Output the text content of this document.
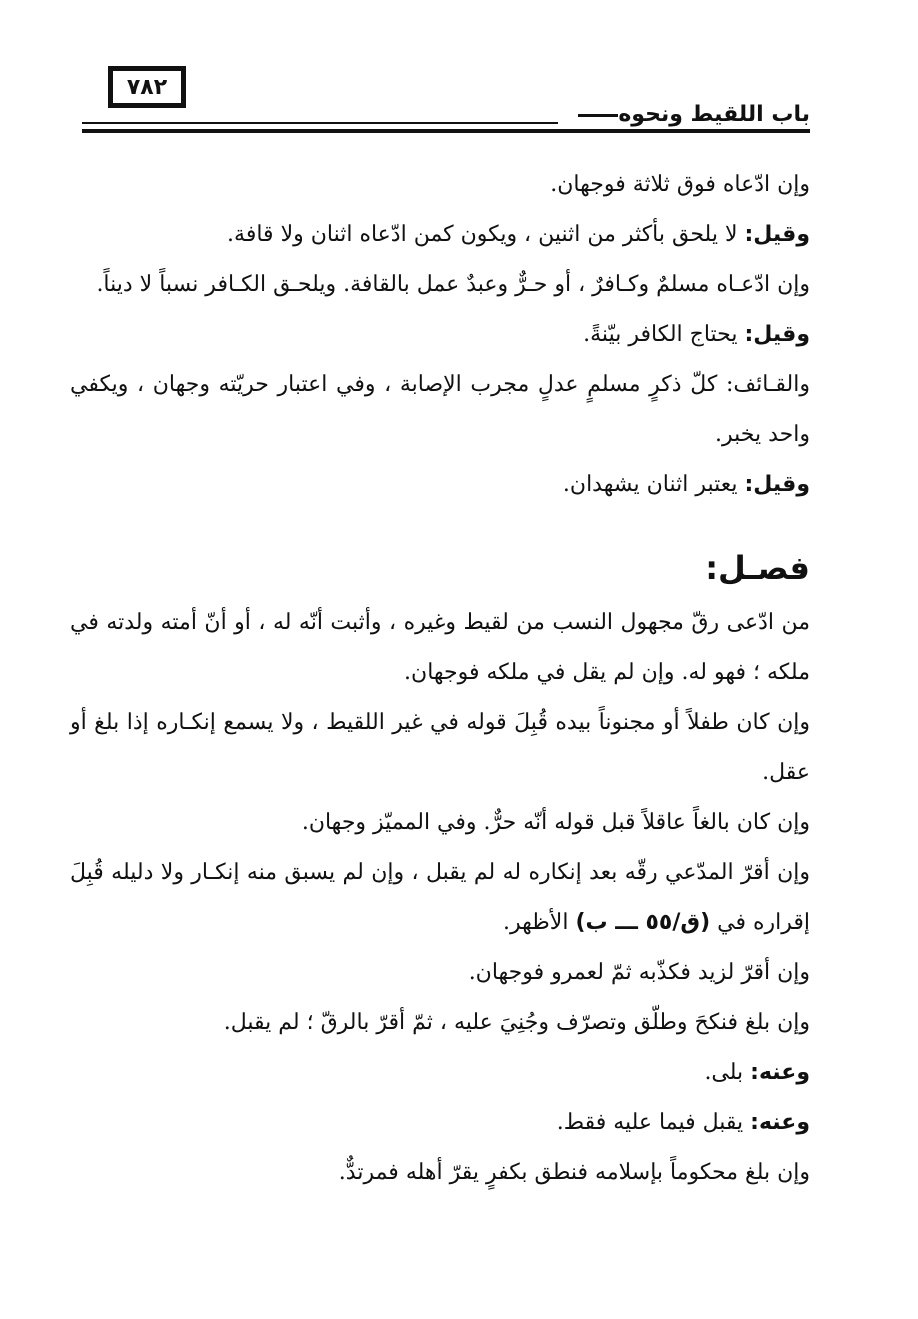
٧٨٢
باب اللقيط ونحوه

وإن ادّعاه فوق ثلاثة فوجهان.

وقيل: لا يلحق بأكثر من اثنين ، ويكون كمن ادّعاه اثنان ولا قافة.

وإن ادّعـاه مسلمٌ وكـافرٌ ، أو حـرٌّ وعبدٌ عمل بالقافة. ويلحـق الكـافر نسباً لا ديناً.

وقيل: يحتاج الكافر بيّنةً.

والقـائف: كلّ ذكرٍ مسلمٍ عدلٍ مجرب الإصابة ، وفي اعتبار حريّته وجهان ، ويكفي واحد يخبر.

وقيل: يعتبر اثنان يشهدان.

فصـل:

من ادّعى رقّ مجهول النسب من لقيط وغيره ، وأثبت أنّه له ، أو أنّ أمته ولدته في ملكه ؛ فهو له. وإن لم يقل في ملكه فوجهان.

وإن كان طفلاً أو مجنوناً بيده قُبِلَ قوله في غير اللقيط ، ولا يسمع إنكـاره إذا بلغ أو عقل.

وإن كان بالغاً عاقلاً قبل قوله أنّه حرٌّ. وفي المميّز وجهان.

وإن أقرّ المدّعي رقّه بعد إنكاره له لم يقبل ، وإن لم يسبق منه إنكـار ولا دليله قُبِلَ إقراره في (ق/٥٥ ـــ ب) الأظهر.

وإن أقرّ لزيد فكذّبه ثمّ لعمرو فوجهان.

وإن بلغ فنكحَ وطلّق وتصرّف وجُنِيَ عليه ، ثمّ أقرّ بالرقّ ؛ لم يقبل.

وعنه: بلى.

وعنه: يقبل فيما عليه فقط.

وإن بلغ محكوماً بإسلامه فنطق بكفرٍ يقرّ أهله فمرتدٌّ.
